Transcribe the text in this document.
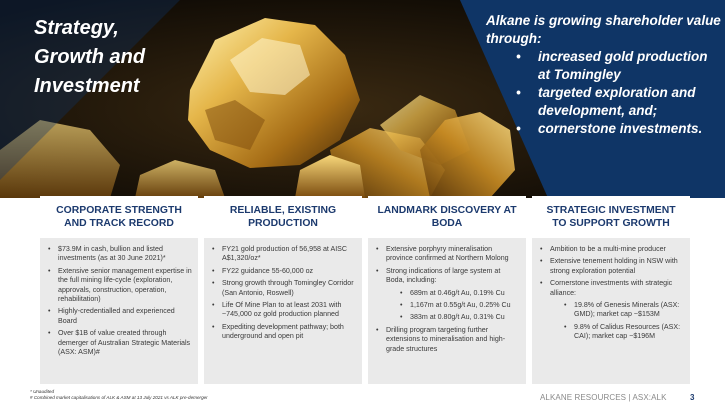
Strategy,
Growth and
Investment
Alkane is growing shareholder value through:
• increased gold production at Tomingley
• targeted exploration and development, and;
• cornerstone investments.
CORPORATE STRENGTH AND TRACK RECORD
• $73.9M in cash, bullion and listed investments (as at 30 June 2021)*
• Extensive senior management expertise in the full mining life-cycle (exploration, approvals, construction, operation, rehabilitation)
• Highly-credentialled and experienced Board
• Over $1B of value created through demerger of Australian Strategic Materials (ASX: ASM)#
RELIABLE, EXISTING PRODUCTION
• FY21 gold production of 56,958 at AISC A$1,320/oz*
• FY22 guidance 55-60,000 oz
• Strong growth through Tomingley Corridor (San Antonio, Roswell)
• Life Of Mine Plan to at least 2031 with ~745,000 oz gold production planned
• Expediting development pathway; both underground and open pit
LANDMARK DISCOVERY AT BODA
• Extensive porphyry mineralisation province confirmed at Northern Molong
• Strong indications of large system at Boda, including:
• 689m at 0.46g/t Au, 0.19% Cu
• 1,167m at 0.55g/t Au, 0.25% Cu
• 383m at 0.80g/t Au, 0.31% Cu
• Drilling program targeting further extensions to mineralisation and high-grade structures
STRATEGIC INVESTMENT TO SUPPORT GROWTH
• Ambition to be a multi-mine producer
• Extensive tenement holding in NSW with strong exploration potential
• Cornerstone investments with strategic alliance:
• 19.8% of Genesis Minerals (ASX: GMD); market cap ~$153M
• 9.8% of Calidus Resources (ASX: CAI); market cap ~$196M
* Unaudited
# Combined market capitalisations of ALK & ASM at 13 July 2021 vs ALK pre-demerger	ALKANE RESOURCES | ASX:ALK	3
